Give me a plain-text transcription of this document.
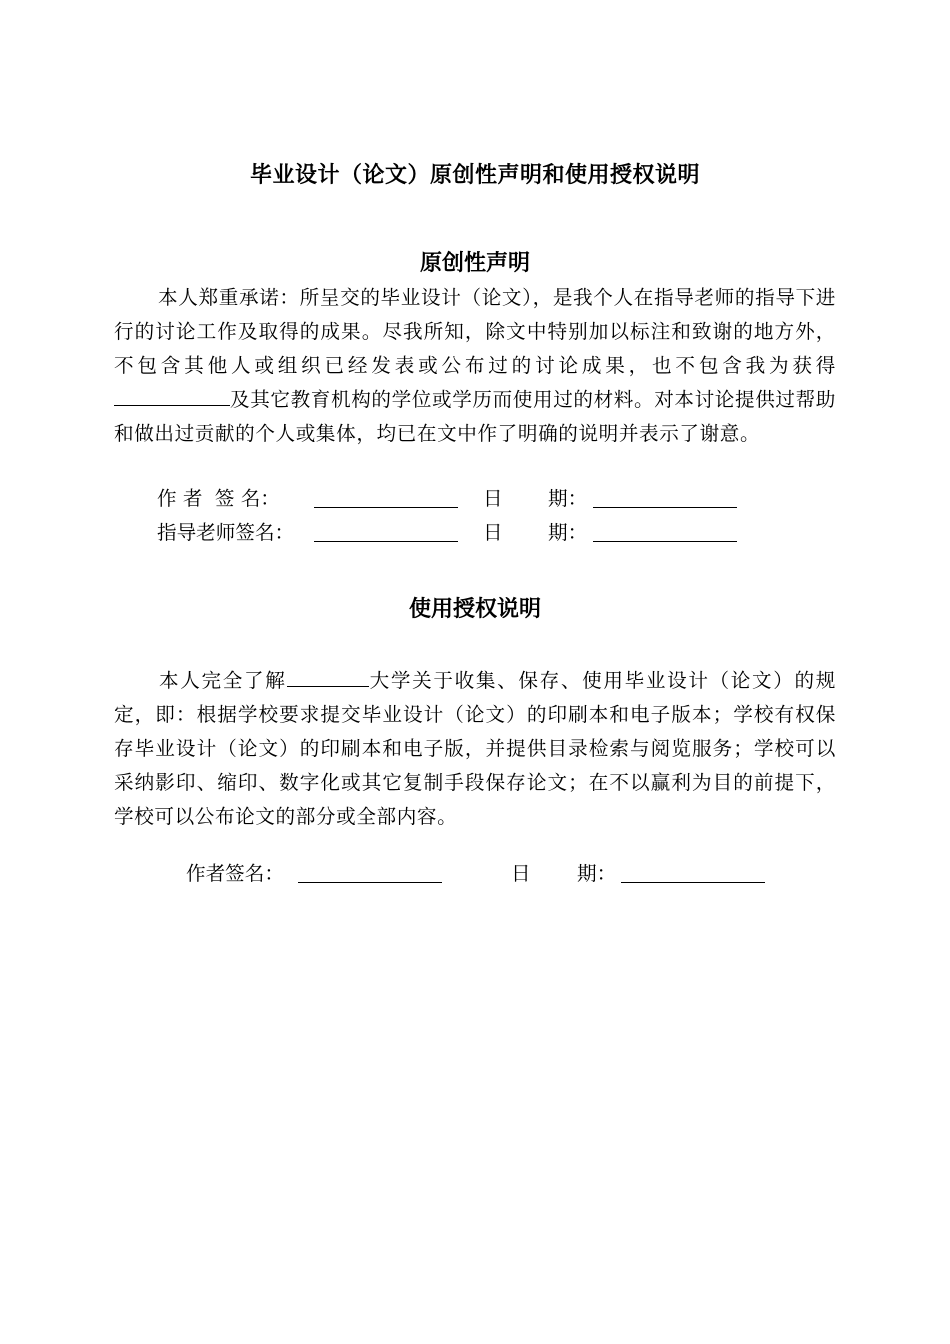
毕业设计（论文）原创性声明和使用授权说明
原创性声明

本人郑重承诺：所呈交的毕业设计（论文），是我个人在指导老师的指导下进行的讨论工作及取得的成果。尽我所知，除文中特别加以标注和致谢的地方外，不包含其他人或组织已经发表或公布过的讨论成果，也不包含我为获得及其它教育机构的学位或学历而使用过的材料。对本讨论提供过帮助和做出过贡献的个人或集体，均已在文中作了明确的说明并表示了谢意。

作 者  签 名：	日 期：
指导老师签名：	日 期：
使用授权说明

本人完全了解	大学关于收集、保存、使用毕业设计（论文）的规定，即：根据学校要求提交毕业设计（论文）的印刷本和电子版本；学校有权保存毕业设计（论文）的印刷本和电子版，并提供目录检索与阅览服务；学校可以采纳影印、缩印、数字化或其它复制手段保存论文；在不以赢利为目的前提下，学校可以公布论文的部分或全部内容。

作者签名：	日 期：
